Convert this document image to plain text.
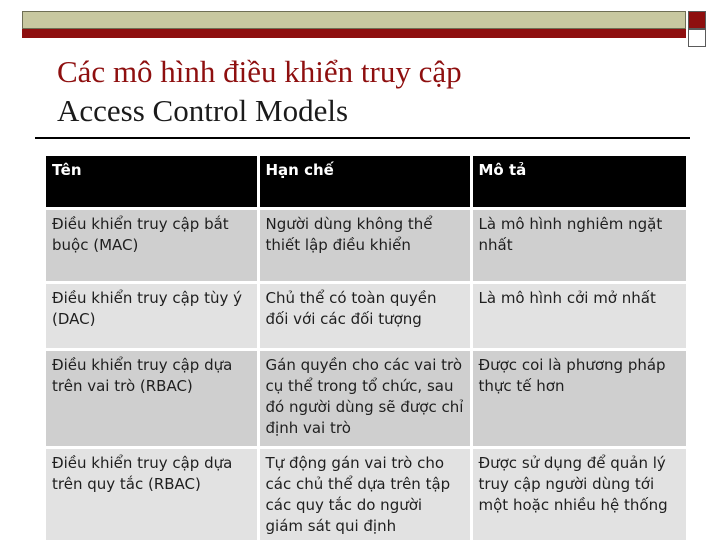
Các mô hình điều khiển truy cập
Access Control Models
Tên	Hạn chế	Mô tả
Điều khiển truy cập bắt buộc (MAC)	Người dùng không thể thiết lập điều khiển	Là mô hình nghiêm ngặt nhất
Điều khiển truy cập tùy ý (DAC)	Chủ thể có toàn quyền đối với các đối tượng	Là mô hình cởi mở nhất
Điều khiển truy cập dựa trên vai trò (RBAC)	Gán quyền cho các vai trò cụ thể trong tổ chức, sau đó người dùng sẽ được chỉ định vai trò	Được coi là phương pháp thực tế hơn
Điều khiển truy cập dựa trên quy tắc (RBAC)	Tự động gán vai trò cho các chủ thể dựa trên tập các quy tắc do người giám sát qui định	Được sử dụng để quản lý truy cập người dùng tới một hoặc nhiều hệ thống
